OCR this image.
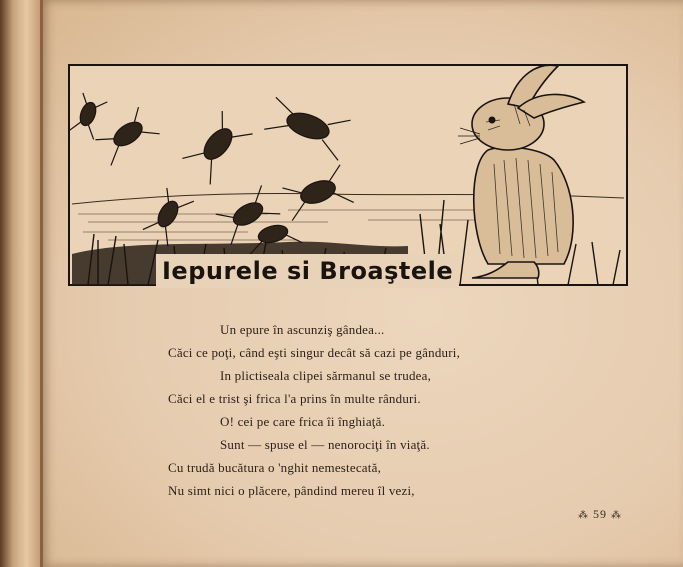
Iepurele si Broaştele
Un epure în ascunziş gândea...
Căci ce poţi, când eşti singur decât să cazi pe gânduri,
In plictiseala clipei sărmanul se trudea,
Căci el e trist şi frica l'a prins în multe rânduri.
O! cei pe care frica îi înghiaţă.
Sunt — spuse el — nenorociţi în viaţă.
Cu trudă bucătura o 'nghit nemestecată,
Nu simt nici o plăcere, pândind mereu îl vezi,
⁂ 59 ⁂
